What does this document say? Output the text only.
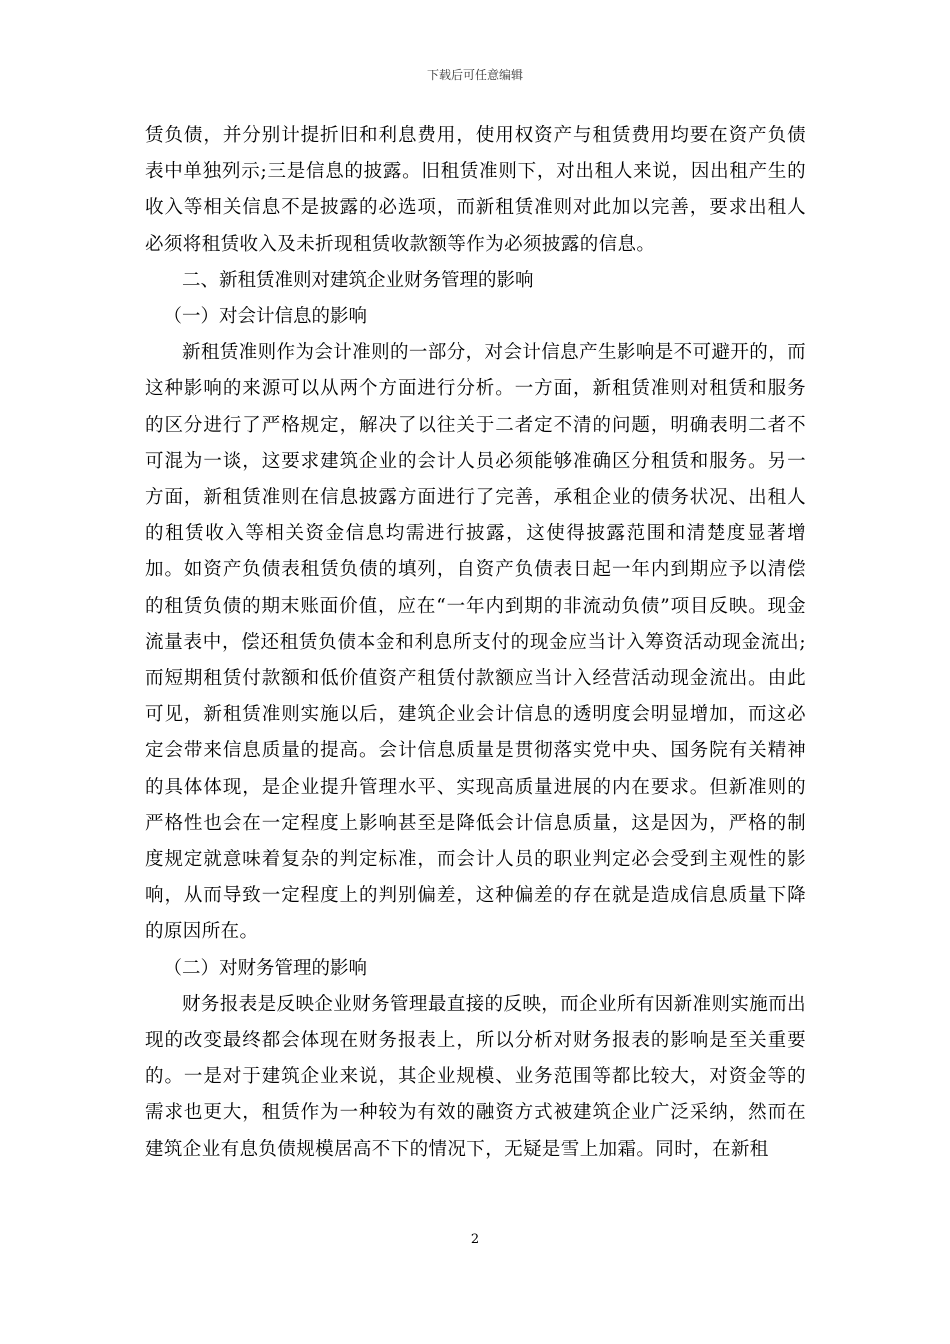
下载后可任意编辑

赁负债，并分别计提折旧和利息费用，使用权资产与租赁费用均要在资产负债表中单独列示;三是信息的披露。旧租赁准则下，对出租人来说，因出租产生的收入等相关信息不是披露的必选项，而新租赁准则对此加以完善，要求出租人必须将租赁收入及未折现租赁收款额等作为必须披露的信息。

二、新租赁准则对建筑企业财务管理的影响

（一）对会计信息的影响

新租赁准则作为会计准则的一部分，对会计信息产生影响是不可避开的，而这种影响的来源可以从两个方面进行分析。一方面，新租赁准则对租赁和服务的区分进行了严格规定，解决了以往关于二者定不清的问题，明确表明二者不可混为一谈，这要求建筑企业的会计人员必须能够准确区分租赁和服务。另一方面，新租赁准则在信息披露方面进行了完善，承租企业的债务状况、出租人的租赁收入等相关资金信息均需进行披露，这使得披露范围和清楚度显著增加。如资产负债表租赁负债的填列，自资产负债表日起一年内到期应予以清偿的租赁负债的期末账面价值，应在“一年内到期的非流动负债”项目反映。现金流量表中，偿还租赁负债本金和利息所支付的现金应当计入筹资活动现金流出;而短期租赁付款额和低价值资产租赁付款额应当计入经营活动现金流出。由此可见，新租赁准则实施以后，建筑企业会计信息的透明度会明显增加，而这必定会带来信息质量的提高。会计信息质量是贯彻落实党中央、国务院有关精神的具体体现，是企业提升管理水平、实现高质量进展的内在要求。但新准则的严格性也会在一定程度上影响甚至是降低会计信息质量，这是因为，严格的制度规定就意味着复杂的判定标准，而会计人员的职业判定必会受到主观性的影响，从而导致一定程度上的判别偏差，这种偏差的存在就是造成信息质量下降的原因所在。

（二）对财务管理的影响

财务报表是反映企业财务管理最直接的反映，而企业所有因新准则实施而出现的改变最终都会体现在财务报表上，所以分析对财务报表的影响是至关重要的。一是对于建筑企业来说，其企业规模、业务范围等都比较大，对资金等的需求也更大，租赁作为一种较为有效的融资方式被建筑企业广泛采纳，然而在建筑企业有息负债规模居高不下的情况下，无疑是雪上加霜。同时，在新租

2
